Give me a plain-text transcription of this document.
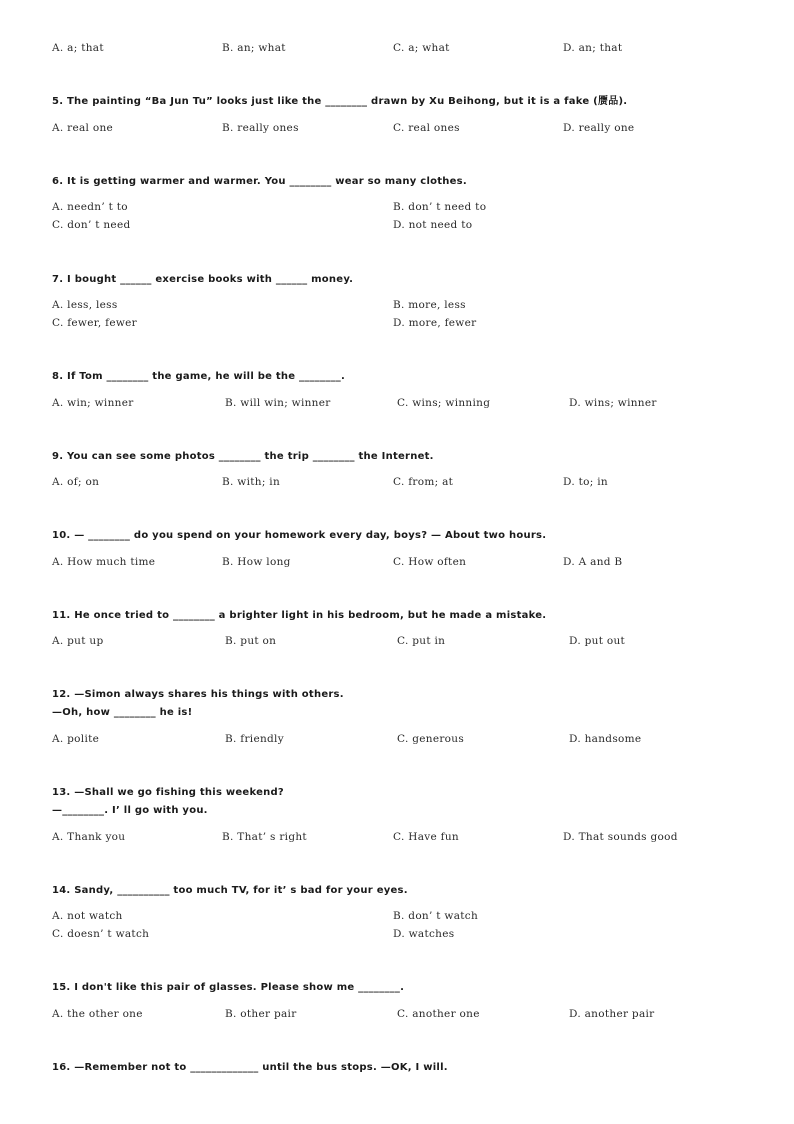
A. a; that	B. an; what	C. a; what	D. an; that

5. The painting “Ba Jun Tu” looks just like the ________ drawn by Xu Beihong, but it is a fake (赝品).

A. real one	B. really ones	C. real ones	D. really one

6. It is getting warmer and warmer. You ________ wear so many clothes.

A. needn’ t to	B. don’ t need to

C. don’ t need	D. not need to

7. I bought ______ exercise books with ______ money.

A. less, less	B. more, less

C. fewer, fewer	D. more, fewer

8. If Tom ________ the game, he will be the ________.

A. win; winner	B. will win; winner	C. wins; winning	D. wins; winner

9. You can see some photos ________ the trip ________ the Internet.

A. of; on	B. with; in	C. from; at	D. to; in

10. — ________ do you spend on your homework every day, boys? — About two hours.

A. How much time	B. How long	C. How often	D. A and B

11. He once tried to ________ a brighter light in his bedroom, but he made a mistake.

A. put up	B. put on	C. put in	D. put out

12. —Simon always shares his things with others.

—Oh, how ________ he is!

A. polite	B. friendly	C. generous	D. handsome

13. —Shall we go fishing this weekend?

—________. I’ ll go with you.

A. Thank you	B. That’ s right	C. Have fun	D. That sounds good

14. Sandy, __________ too much TV, for it’ s bad for your eyes.

A. not watch	B. don’ t watch

C. doesn’ t watch	D. watches

15. I don't like this pair of glasses. Please show me ________.

A. the other one	B. other pair	C. another one	D. another pair

16. —Remember not to _____________ until the bus stops. —OK, I will.
